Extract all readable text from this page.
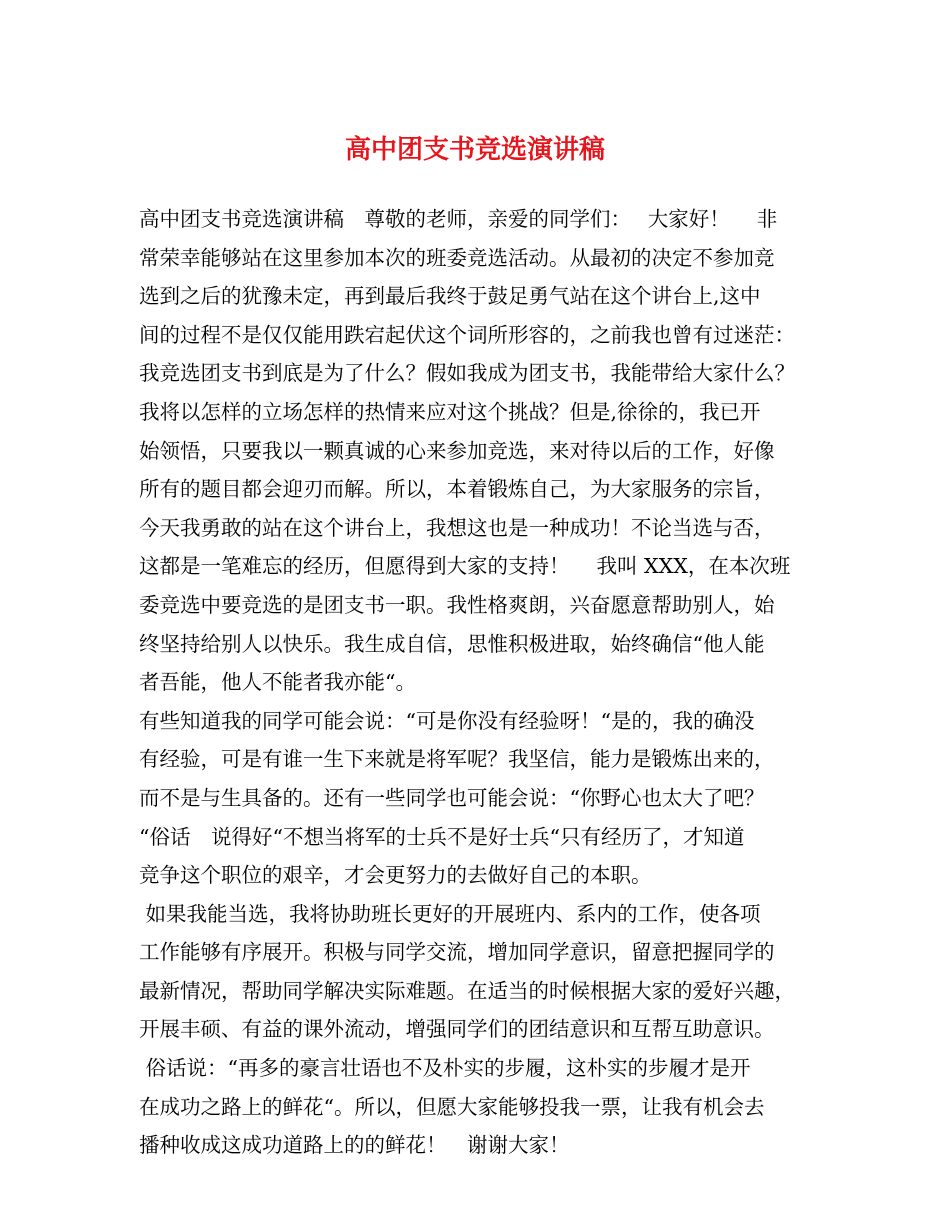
高中团支书竞选演讲稿
高中团支书竞选演讲稿　尊敬的老师，亲爱的同学们：　 大家好！　 非
常荣幸能够站在这里参加本次的班委竞选活动。从最初的决定不参加竞
选到之后的犹豫未定，再到最后我终于鼓足勇气站在这个讲台上,这中
间的过程不是仅仅能用跌宕起伏这个词所形容的，之前我也曾有过迷茫：
我竞选团支书到底是为了什么？假如我成为团支书，我能带给大家什么？
我将以怎样的立场怎样的热情来应对这个挑战？但是,徐徐的，我已开
始领悟，只要我以一颗真诚的心来参加竞选，来对待以后的工作，好像
所有的题目都会迎刃而解。所以，本着锻炼自己，为大家服务的宗旨，
今天我勇敢的站在这个讲台上，我想这也是一种成功！不论当选与否，
这都是一笔难忘的经历，但愿得到大家的支持！　 我叫 XXX，在本次班
委竞选中要竞选的是团支书一职。我性格爽朗，兴奋愿意帮助别人，始
终坚持给别人以快乐。我生成自信，思惟积极进取，始终确信“他人能
者吾能，他人不能者我亦能“。
有些知道我的同学可能会说：“可是你没有经验呀！“是的，我的确没
有经验，可是有谁一生下来就是将军呢？我坚信，能力是锻炼出来的，
而不是与生具备的。还有一些同学也可能会说：“你野心也太大了吧？
“俗话　说得好“不想当将军的士兵不是好士兵“只有经历了，才知道
竞争这个职位的艰辛，才会更努力的去做好自己的本职。
如果我能当选，我将协助班长更好的开展班内、系内的工作，使各项
工作能够有序展开。积极与同学交流，增加同学意识，留意把握同学的
最新情况，帮助同学解决实际难题。在适当的时候根据大家的爱好兴趣，
开展丰硕、有益的课外流动，增强同学们的团结意识和互帮互助意识。
俗话说：“再多的豪言壮语也不及朴实的步履，这朴实的步履才是开
在成功之路上的鲜花“。所以，但愿大家能够投我一票，让我有机会去
播种收成这成功道路上的的鲜花！　谢谢大家！
